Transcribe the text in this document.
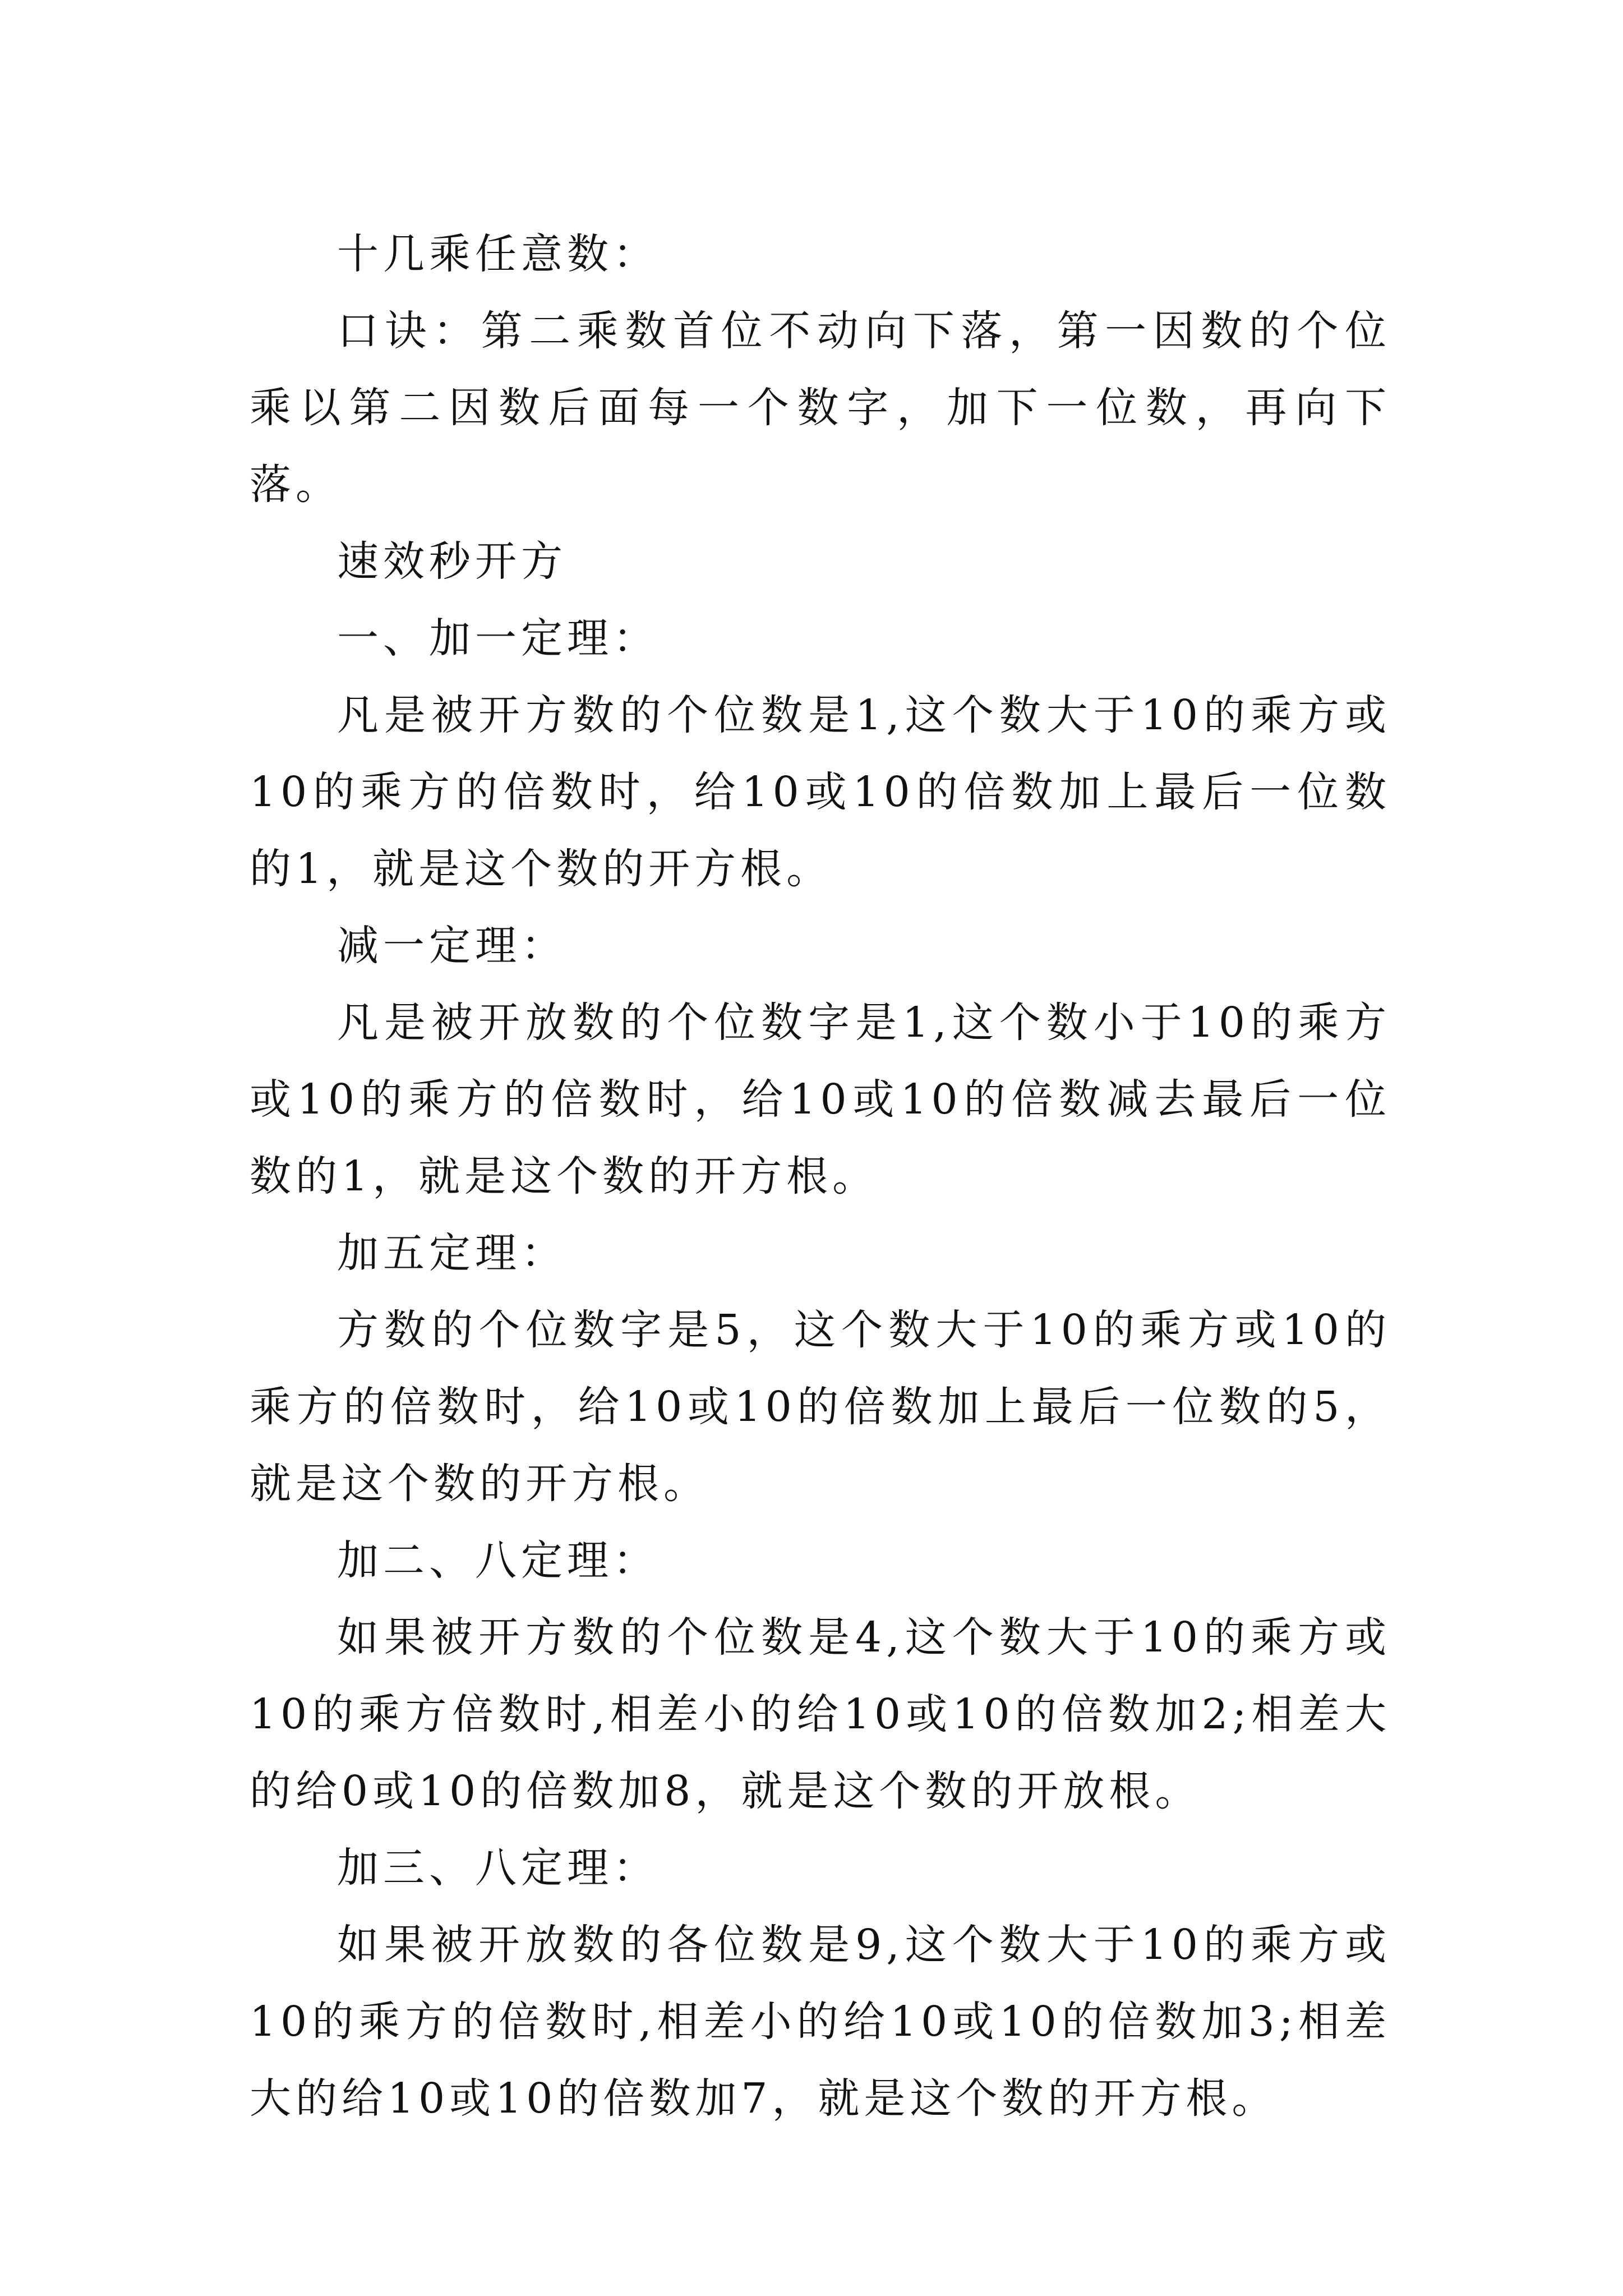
十几乘任意数：

口诀：第二乘数首位不动向下落，第一因数的个位乘以第二因数后面每一个数字，加下一位数，再向下落。

速效秒开方

一、加一定理：

凡是被开方数的个位数是1,这个数大于10的乘方或10的乘方的倍数时，给10或10的倍数加上最后一位数的1，就是这个数的开方根。

减一定理：

凡是被开放数的个位数字是1,这个数小于10的乘方或10的乘方的倍数时，给10或10的倍数减去最后一位数的1，就是这个数的开方根。

加五定理：

方数的个位数字是5，这个数大于10的乘方或10的乘方的倍数时，给10或10的倍数加上最后一位数的5，就是这个数的开方根。

加二、八定理：

如果被开方数的个位数是4,这个数大于10的乘方或10的乘方倍数时,相差小的给10或10的倍数加2;相差大的给0或10的倍数加8，就是这个数的开放根。

加三、八定理：

如果被开放数的各位数是9,这个数大于10的乘方或10的乘方的倍数时,相差小的给10或10的倍数加3;相差大的给10或10的倍数加7，就是这个数的开方根。
